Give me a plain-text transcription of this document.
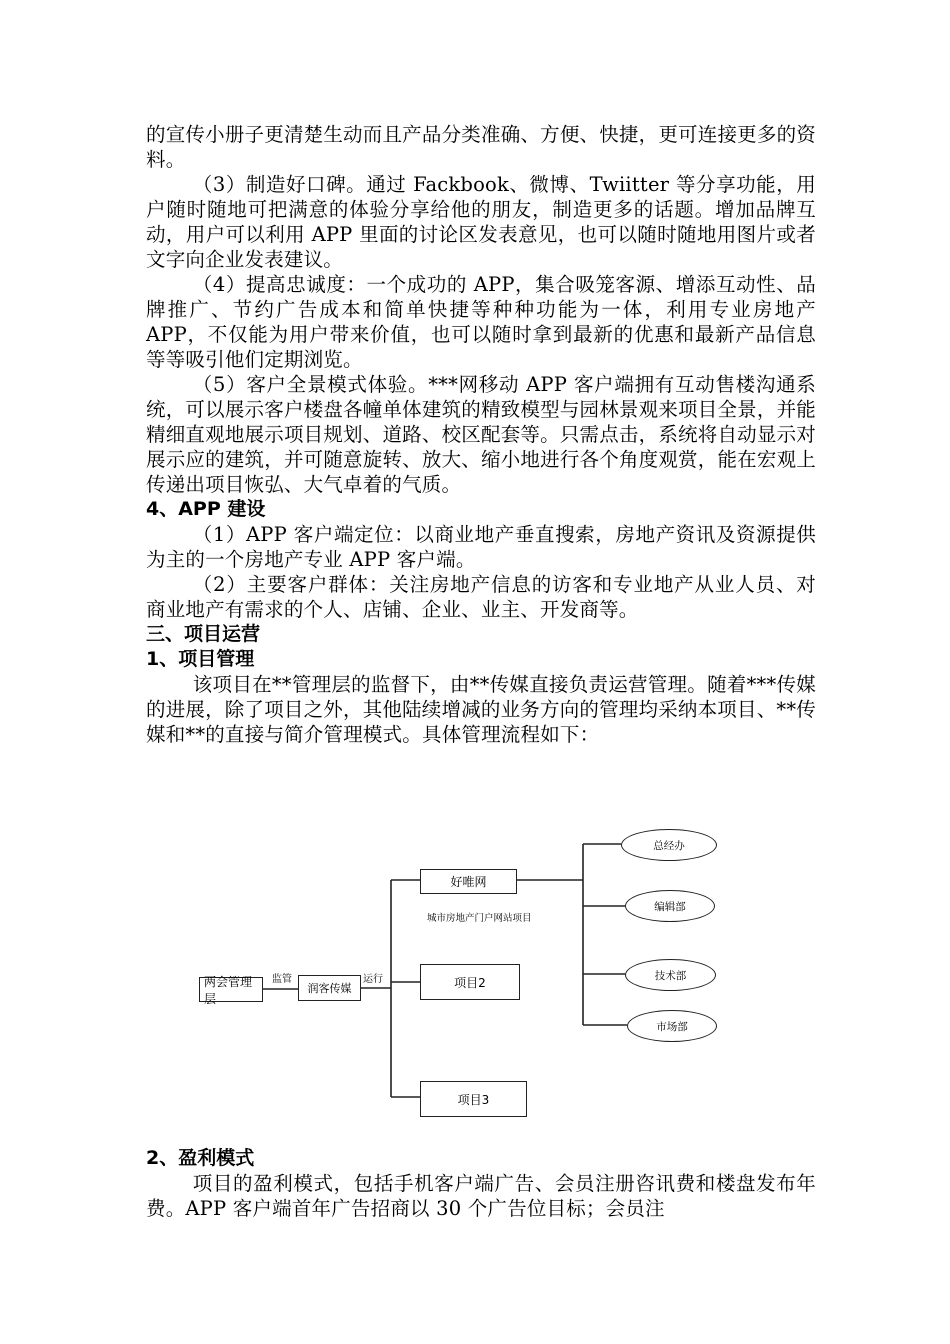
的宣传小册子更清楚生动而且产品分类准确、方便、快捷，更可连接更多的资料。

（3）制造好口碑。通过 Fackbook、微博、Twiitter 等分享功能，用户随时随地可把满意的体验分享给他的朋友，制造更多的话题。增加品牌互动，用户可以利用 APP 里面的讨论区发表意见，也可以随时随地用图片或者文字向企业发表建议。

（4）提高忠诚度：一个成功的 APP，集合吸笼客源、增添互动性、品牌推广、节约广告成本和简单快捷等种种功能为一体，利用专业房地产 APP，不仅能为用户带来价值，也可以随时拿到最新的优惠和最新产品信息等等吸引他们定期浏览。

（5）客户全景模式体验。***网移动 APP 客户端拥有互动售楼沟通系统，可以展示客户楼盘各幢单体建筑的精致模型与园林景观来项目全景，并能精细直观地展示项目规划、道路、校区配套等。只需点击，系统将自动显示对展示应的建筑，并可随意旋转、放大、缩小地进行各个角度观赏，能在宏观上传递出项目恢弘、大气卓着的气质。

4、APP 建设

（1）APP 客户端定位：以商业地产垂直搜索，房地产资讯及资源提供为主的一个房地产专业 APP 客户端。

（2）主要客户群体：关注房地产信息的访客和专业地产从业人员、对商业地产有需求的个人、店铺、企业、业主、开发商等。

三、项目运营

1、项目管理

该项目在**管理层的监督下，由**传媒直接负责运营管理。随着***传媒的进展，除了项目之外，其他陆续增减的业务方向的管理均采纳本项目、**传媒和**的直接与简介管理模式。具体管理流程如下：

两会管理层
监管
润客传媒
运行
好唯网
城市房地产门户网站项目
项目2
项目3
总经办
编辑部
技术部
市场部

2、盈利模式

项目的盈利模式，包括手机客户端广告、会员注册咨讯费和楼盘发布年费。APP 客户端首年广告招商以 30 个广告位目标；会员注
